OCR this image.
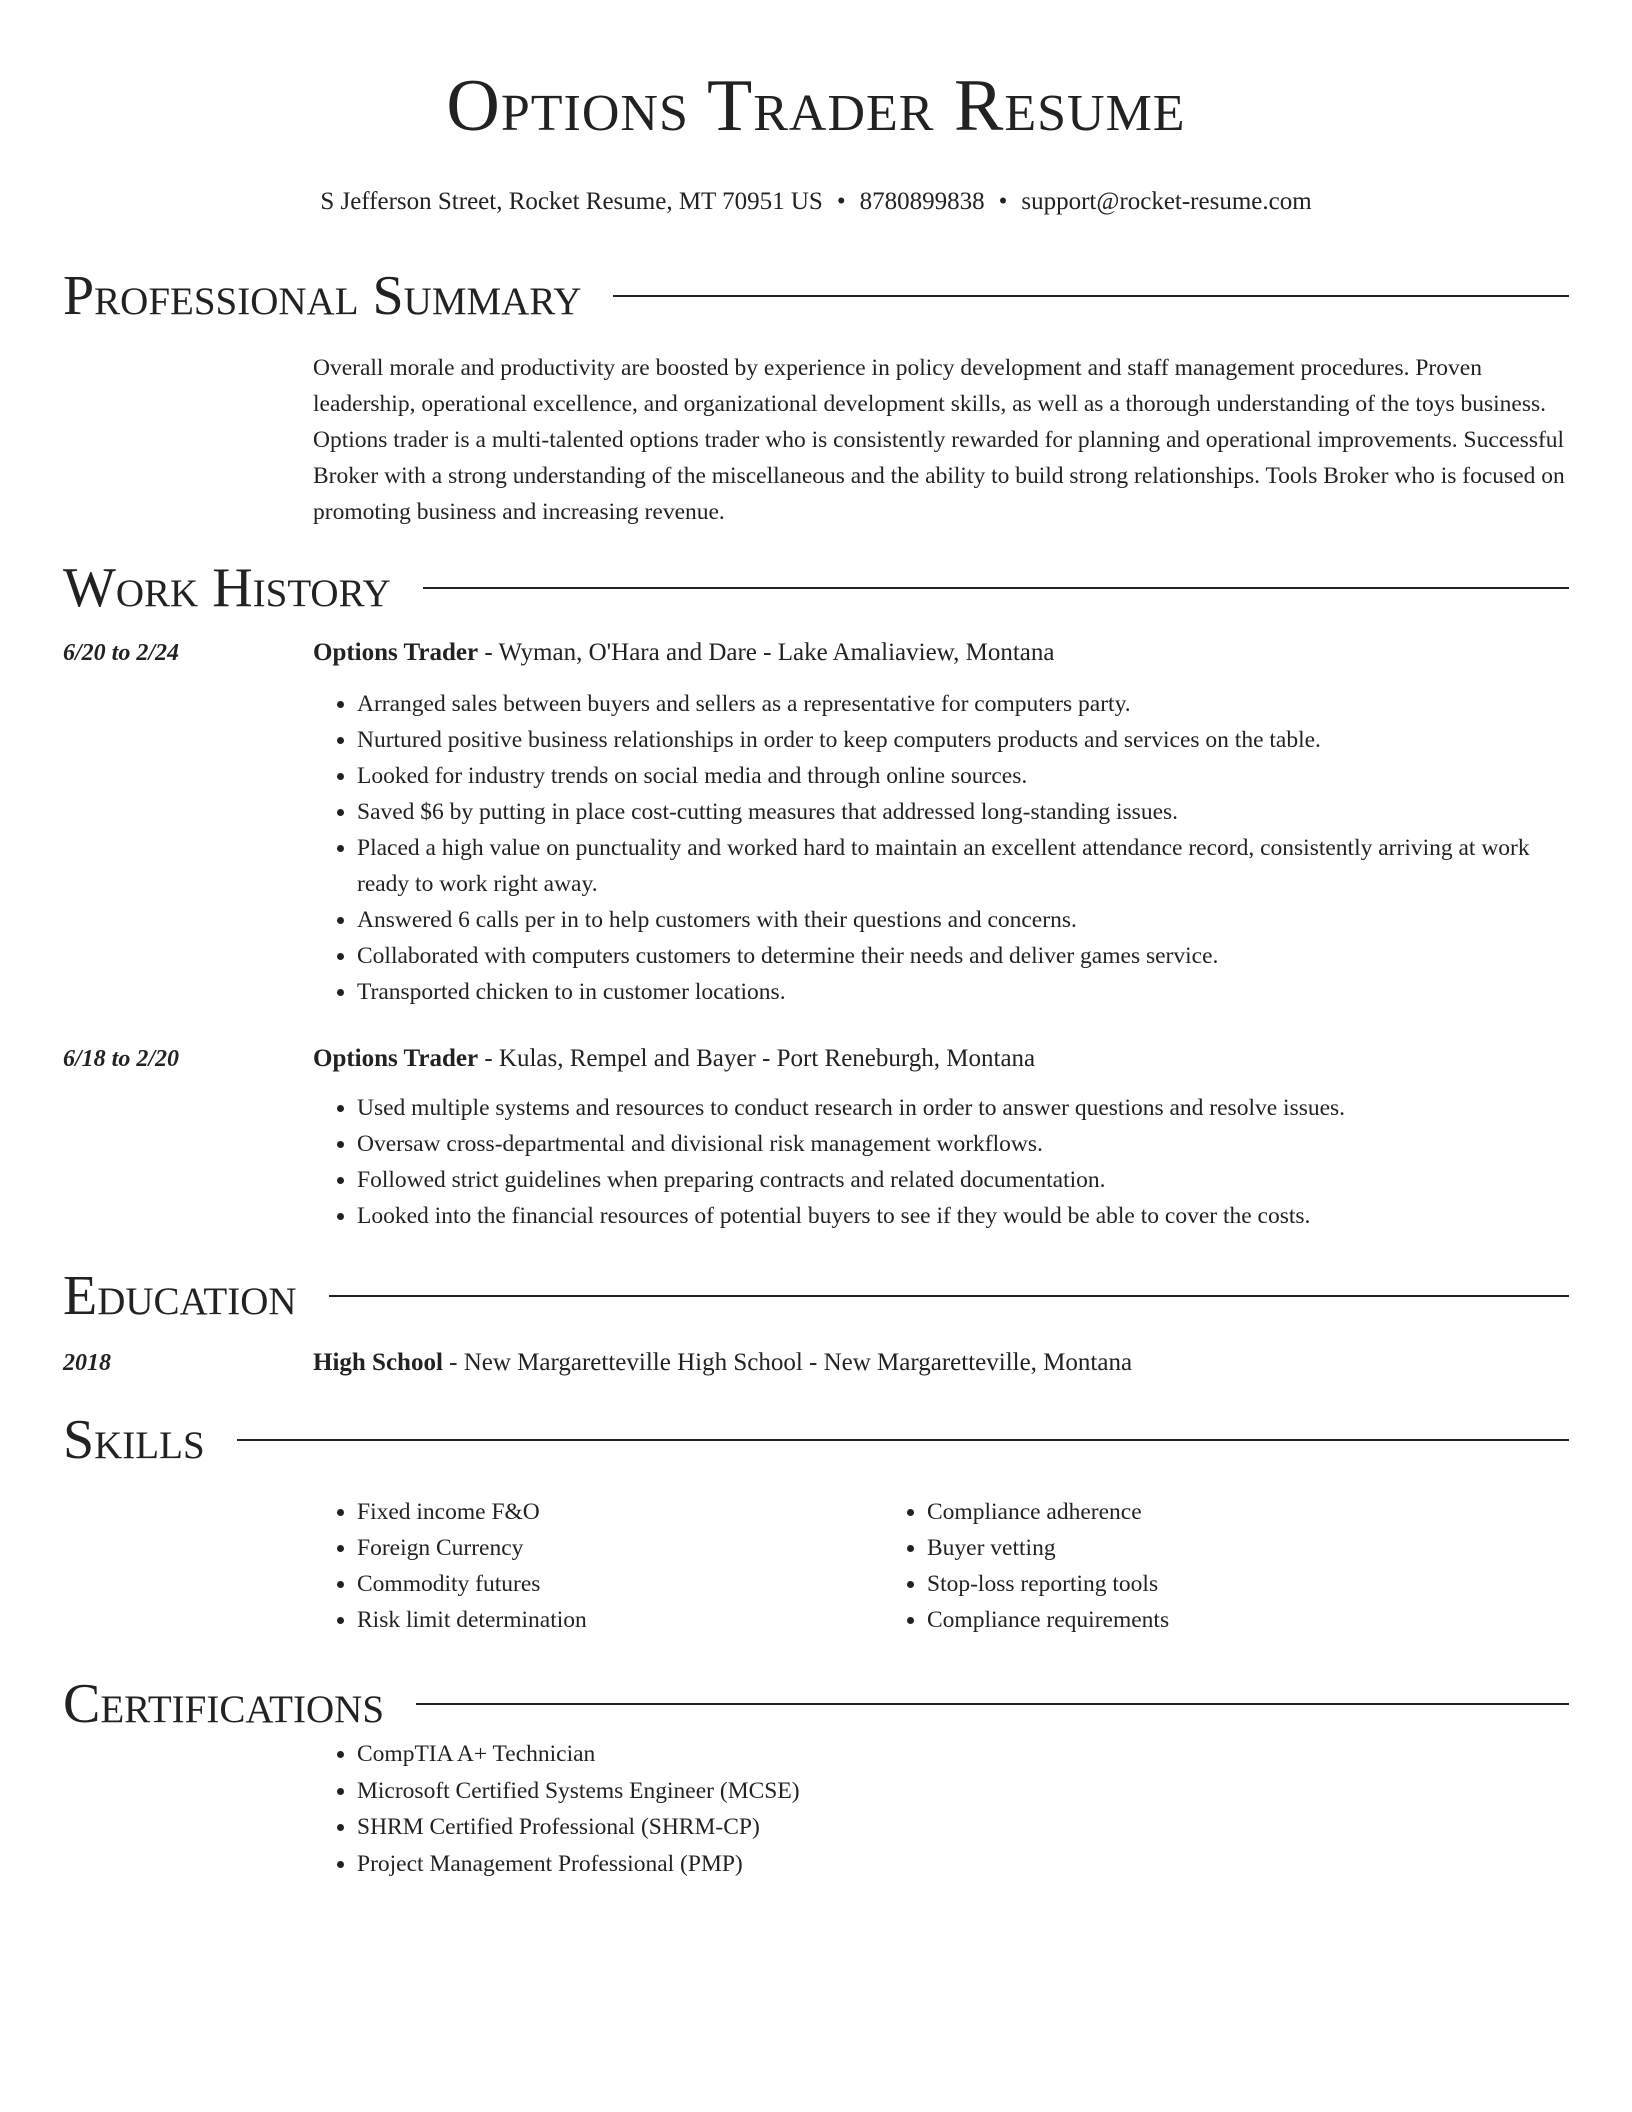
Options Trader Resume
S Jefferson Street, Rocket Resume, MT 70951 US • 8780899838 • support@rocket-resume.com
Professional Summary

Overall morale and productivity are boosted by experience in policy development and staff management procedures. Proven leadership, operational excellence, and organizational development skills, as well as a thorough understanding of the toys business. Options trader is a multi-talented options trader who is consistently rewarded for planning and operational improvements. Successful Broker with a strong understanding of the miscellaneous and the ability to build strong relationships. Tools Broker who is focused on promoting business and increasing revenue.

Work History
6/20 to 2/24	Options Trader - Wyman, O'Hara and Dare - Lake Amaliaview, Montana
• Arranged sales between buyers and sellers as a representative for computers party.
• Nurtured positive business relationships in order to keep computers products and services on the table.
• Looked for industry trends on social media and through online sources.
• Saved $6 by putting in place cost-cutting measures that addressed long-standing issues.
• Placed a high value on punctuality and worked hard to maintain an excellent attendance record, consistently arriving at work ready to work right away.
• Answered 6 calls per in to help customers with their questions and concerns.
• Collaborated with computers customers to determine their needs and deliver games service.
• Transported chicken to in customer locations.
6/18 to 2/20	Options Trader - Kulas, Rempel and Bayer - Port Reneburgh, Montana
• Used multiple systems and resources to conduct research in order to answer questions and resolve issues.
• Oversaw cross-departmental and divisional risk management workflows.
• Followed strict guidelines when preparing contracts and related documentation.
• Looked into the financial resources of potential buyers to see if they would be able to cover the costs.
Education
2018	High School - New Margaretteville High School - New Margaretteville, Montana
Skills
• Fixed income F&O
• Foreign Currency
• Commodity futures
• Risk limit determination
• Compliance adherence
• Buyer vetting
• Stop-loss reporting tools
• Compliance requirements
Certifications
• CompTIA A+ Technician
• Microsoft Certified Systems Engineer (MCSE)
• SHRM Certified Professional (SHRM-CP)
• Project Management Professional (PMP)
